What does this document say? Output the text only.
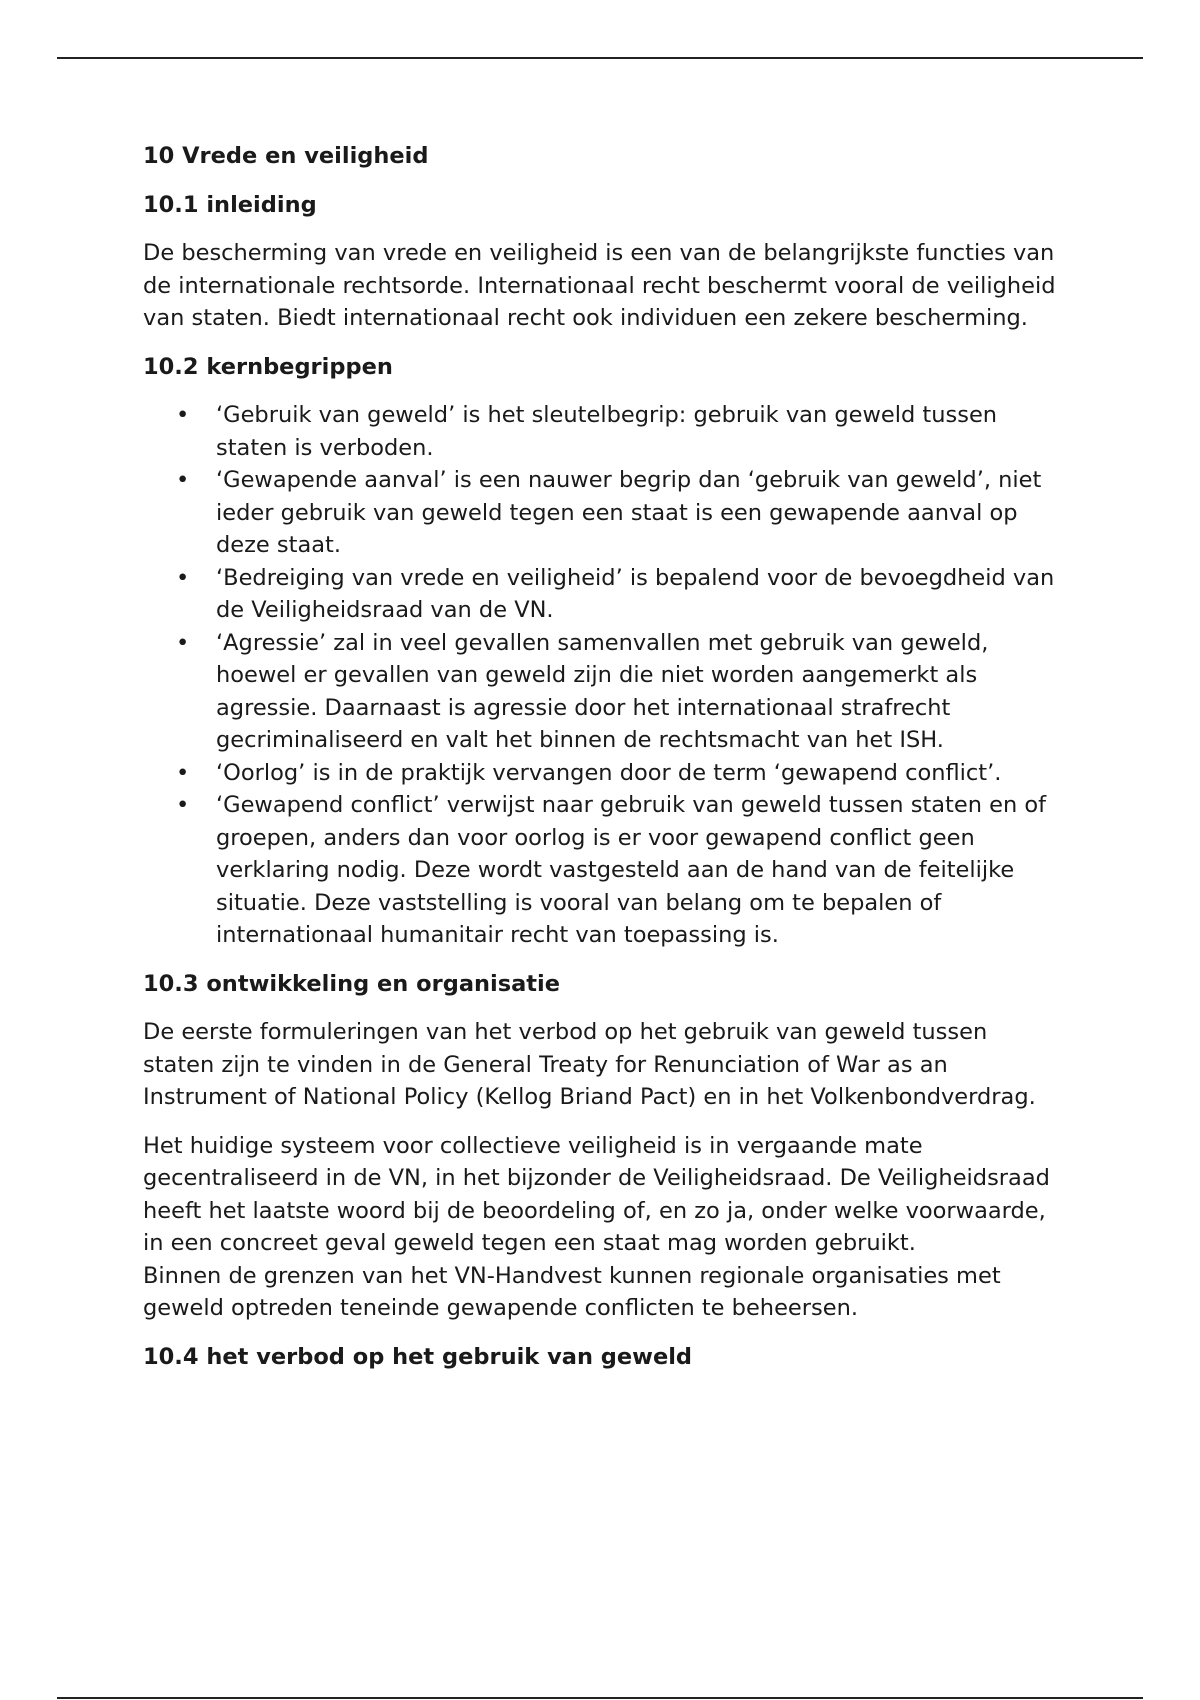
10 Vrede en veiligheid
10.1 inleiding

De bescherming van vrede en veiligheid is een van de belangrijkste functies van de internationale rechtsorde. Internationaal recht beschermt vooral de veiligheid van staten. Biedt internationaal recht ook individuen een zekere bescherming.

10.2 kernbegrippen
• ‘Gebruik van geweld’ is het sleutelbegrip: gebruik van geweld tussen staten is verboden.
• ‘Gewapende aanval’ is een nauwer begrip dan ‘gebruik van geweld’, niet ieder gebruik van geweld tegen een staat is een gewapende aanval op deze staat.
• ‘Bedreiging van vrede en veiligheid’ is bepalend voor de bevoegdheid van de Veiligheidsraad van de VN.
• ‘Agressie’ zal in veel gevallen samenvallen met gebruik van geweld, hoewel er gevallen van geweld zijn die niet worden aangemerkt als agressie. Daarnaast is agressie door het internationaal strafrecht gecriminaliseerd en valt het binnen de rechtsmacht van het ISH.
• ‘Oorlog’ is in de praktijk vervangen door de term ‘gewapend conflict’.
• ‘Gewapend conflict’ verwijst naar gebruik van geweld tussen staten en of groepen, anders dan voor oorlog is er voor gewapend conflict geen verklaring nodig. Deze wordt vastgesteld aan de hand van de feitelijke situatie. Deze vaststelling is vooral van belang om te bepalen of internationaal humanitair recht van toepassing is.
10.3 ontwikkeling en organisatie

De eerste formuleringen van het verbod op het gebruik van geweld tussen staten zijn te vinden in de General Treaty for Renunciation of War as an Instrument of National Policy (Kellog Briand Pact) en in het Volkenbondverdrag.

Het huidige systeem voor collectieve veiligheid is in vergaande mate gecentraliseerd in de VN, in het bijzonder de Veiligheidsraad. De Veiligheidsraad heeft het laatste woord bij de beoordeling of, en zo ja, onder welke voorwaarde, in een concreet geval geweld tegen een staat mag worden gebruikt.

Binnen de grenzen van het VN-Handvest kunnen regionale organisaties met geweld optreden teneinde gewapende conflicten te beheersen.

10.4 het verbod op het gebruik van geweld
